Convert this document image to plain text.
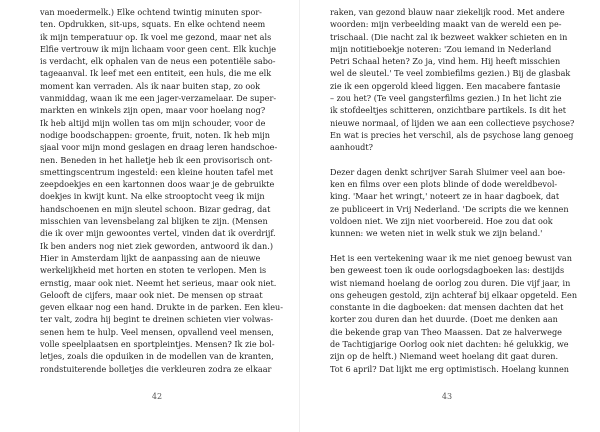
van moedermelk.) Elke ochtend twintig minuten spor-
ten. Opdrukken, sit-ups, squats. En elke ochtend neem
ik mijn temperatuur op. Ik voel me gezond, maar net als
Elfie vertrouw ik mijn lichaam voor geen cent. Elk kuchje
is verdacht, elk ophalen van de neus een potentiële sabo-
tageaanval. Ik leef met een entiteit, een huls, die me elk
moment kan verraden. Als ik naar buiten stap, zo ook
vanmiddag, waan ik me een jager-verzamelaar. De super-
markten en winkels zijn open, maar voor hoelang nog?
Ik heb altijd mijn wollen tas om mijn schouder, voor de
nodige boodschappen: groente, fruit, noten. Ik heb mijn
sjaal voor mijn mond geslagen en draag leren handschoe-
nen. Beneden in het halletje heb ik een provisorisch ont-
smettingscentrum ingesteld: een kleine houten tafel met
zeepdoekjes en een kartonnen doos waar je de gebruikte
doekjes in kwijt kunt. Na elke strooptocht veeg ik mijn
handschoenen en mijn sleutel schoon. Bizar gedrag, dat
misschien van levensbelang zal blijken te zijn. (Mensen
die ik over mijn gewoontes vertel, vinden dat ik overdrijf.
Ik ben anders nog niet ziek geworden, antwoord ik dan.)
Hier in Amsterdam lijkt de aanpassing aan de nieuwe
werkelijkheid met horten en stoten te verlopen. Men is
ernstig, maar ook niet. Neemt het serieus, maar ook niet.
Gelooft de cijfers, maar ook niet. De mensen op straat
geven elkaar nog een hand. Drukte in de parken. Een kleu-
ter valt, zodra hij begint te dreinen schieten vier volwas-
senen hem te hulp. Veel mensen, opvallend veel mensen,
volle speelplaatsen en sportpleintjes. Mensen? Ik zie bol-
letjes, zoals die opduiken in de modellen van de kranten,
rondstuiterende bolletjes die verkleuren zodra ze elkaar
42
raken, van gezond blauw naar ziekelijk rood. Met andere
woorden: mijn verbeelding maakt van de wereld een pe-
trischaal. (Die nacht zal ik bezweet wakker schieten en in
mijn notitieboekje noteren: 'Zou iemand in Nederland
Petri Schaal heten? Zo ja, vind hem. Hij heeft misschien
wel de sleutel.' Te veel zombiefilms gezien.) Bij de glasbak
zie ik een opgerold kleed liggen. Een macabere fantasie
– zou het? (Te veel gangsterfilms gezien.) In het licht zie
ik stofdeeltjes schitteren, onzichtbare partikels. Is dit het
nieuwe normaal, of lijden we aan een collectieve psychose?
En wat is precies het verschil, als de psychose lang genoeg
aanhoudt?
Dezer dagen denkt schrijver Sarah Sluimer veel aan boe-
ken en films over een plots blinde of dode wereldbevol-
king. 'Maar het wringt,' noteert ze in haar dagboek, dat
ze publiceert in Vrij Nederland. 'De scripts die we kennen
voldoen niet. We zijn niet voorbereid. Hoe zou dat ook
kunnen: we weten niet in welk stuk we zijn beland.'
Het is een vertekening waar ik me niet genoeg bewust van
ben geweest toen ik oude oorlogsdagboeken las: destijds
wist niemand hoelang de oorlog zou duren. Die vijf jaar, in
ons geheugen gestold, zijn achteraf bij elkaar opgeteld. Een
constante in die dagboeken: dat mensen dachten dat het
korter zou duren dan het duurde. (Doet me denken aan
die bekende grap van Theo Maassen. Dat ze halverwege
de Tachtigjarige Oorlog ook niet dachten: hé gelukkig, we
zijn op de helft.) Niemand weet hoelang dit gaat duren.
Tot 6 april? Dat lijkt me erg optimistisch. Hoelang kunnen
43
